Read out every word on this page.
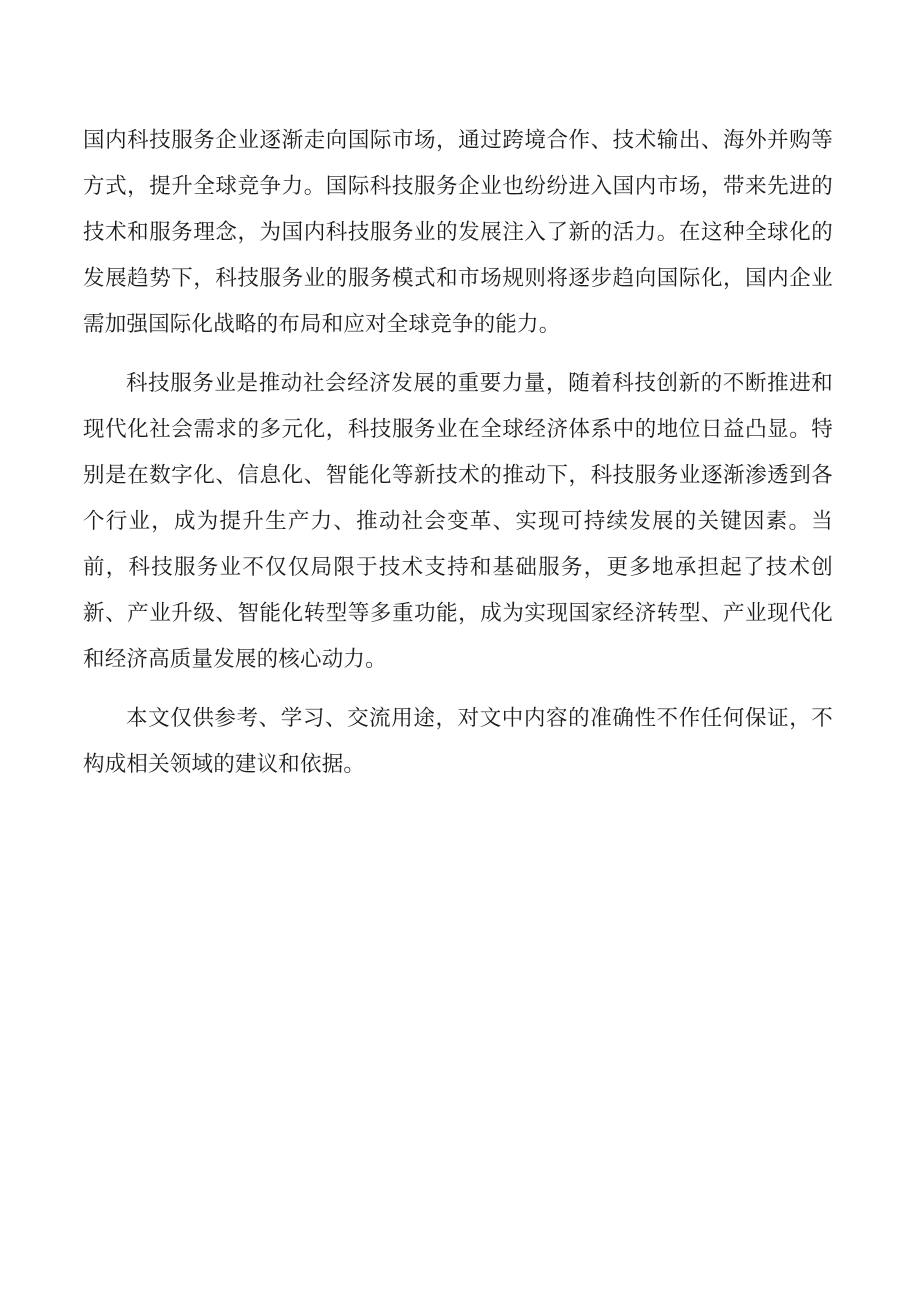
国内科技服务企业逐渐走向国际市场，通过跨境合作、技术输出、海外并购等方式，提升全球竞争力。国际科技服务企业也纷纷进入国内市场，带来先进的技术和服务理念，为国内科技服务业的发展注入了新的活力。在这种全球化的发展趋势下，科技服务业的服务模式和市场规则将逐步趋向国际化，国内企业需加强国际化战略的布局和应对全球竞争的能力。

科技服务业是推动社会经济发展的重要力量，随着科技创新的不断推进和现代化社会需求的多元化，科技服务业在全球经济体系中的地位日益凸显。特别是在数字化、信息化、智能化等新技术的推动下，科技服务业逐渐渗透到各个行业，成为提升生产力、推动社会变革、实现可持续发展的关键因素。当前，科技服务业不仅仅局限于技术支持和基础服务，更多地承担起了技术创新、产业升级、智能化转型等多重功能，成为实现国家经济转型、产业现代化和经济高质量发展的核心动力。

本文仅供参考、学习、交流用途，对文中内容的准确性不作任何保证，不构成相关领域的建议和依据。
